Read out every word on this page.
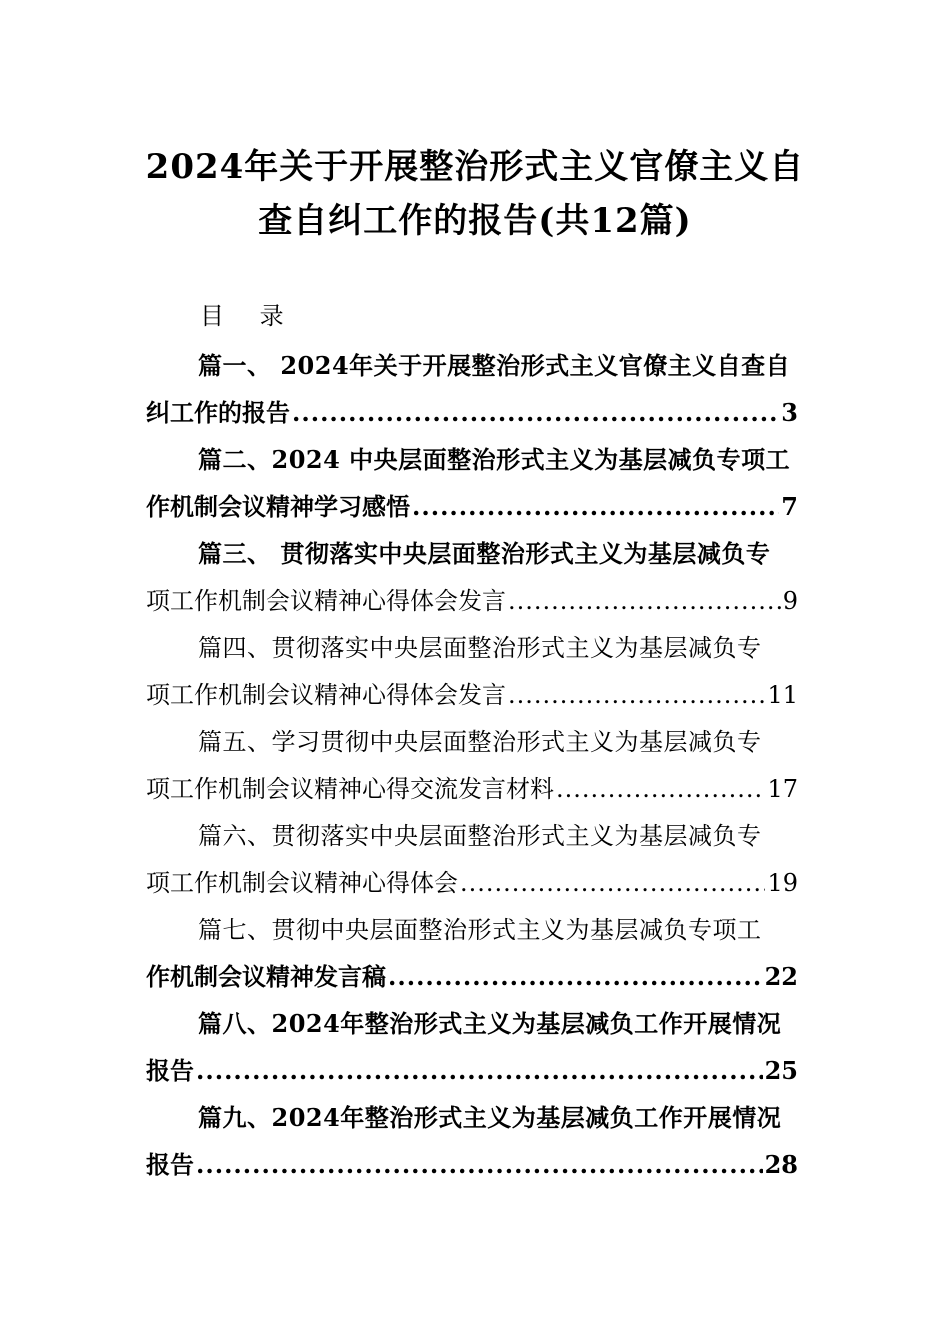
2024年关于开展整治形式主义官僚主义自
查自纠工作的报告(共12篇)
目 录
篇一、 2024年关于开展整治形式主义官僚主义自查自
纠工作的报告 .....	3
篇二、2024 中央层面整治形式主义为基层减负专项工
作机制会议精神学习感悟 .....	7
篇三、 贯彻落实中央层面整治形式主义为基层减负专
项工作机制会议精神心得体会发言 .....	9
篇四、贯彻落实中央层面整治形式主义为基层减负专
项工作机制会议精神心得体会发言 .....	11
篇五、学习贯彻中央层面整治形式主义为基层减负专
项工作机制会议精神心得交流发言材料 .....	17
篇六、贯彻落实中央层面整治形式主义为基层减负专
项工作机制会议精神心得体会 .....	19
篇七、贯彻中央层面整治形式主义为基层减负专项工
作机制会议精神发言稿 .....	22
篇八、2024年整治形式主义为基层减负工作开展情况
报告 .....	25
篇九、2024年整治形式主义为基层减负工作开展情况
报告 .....	28
